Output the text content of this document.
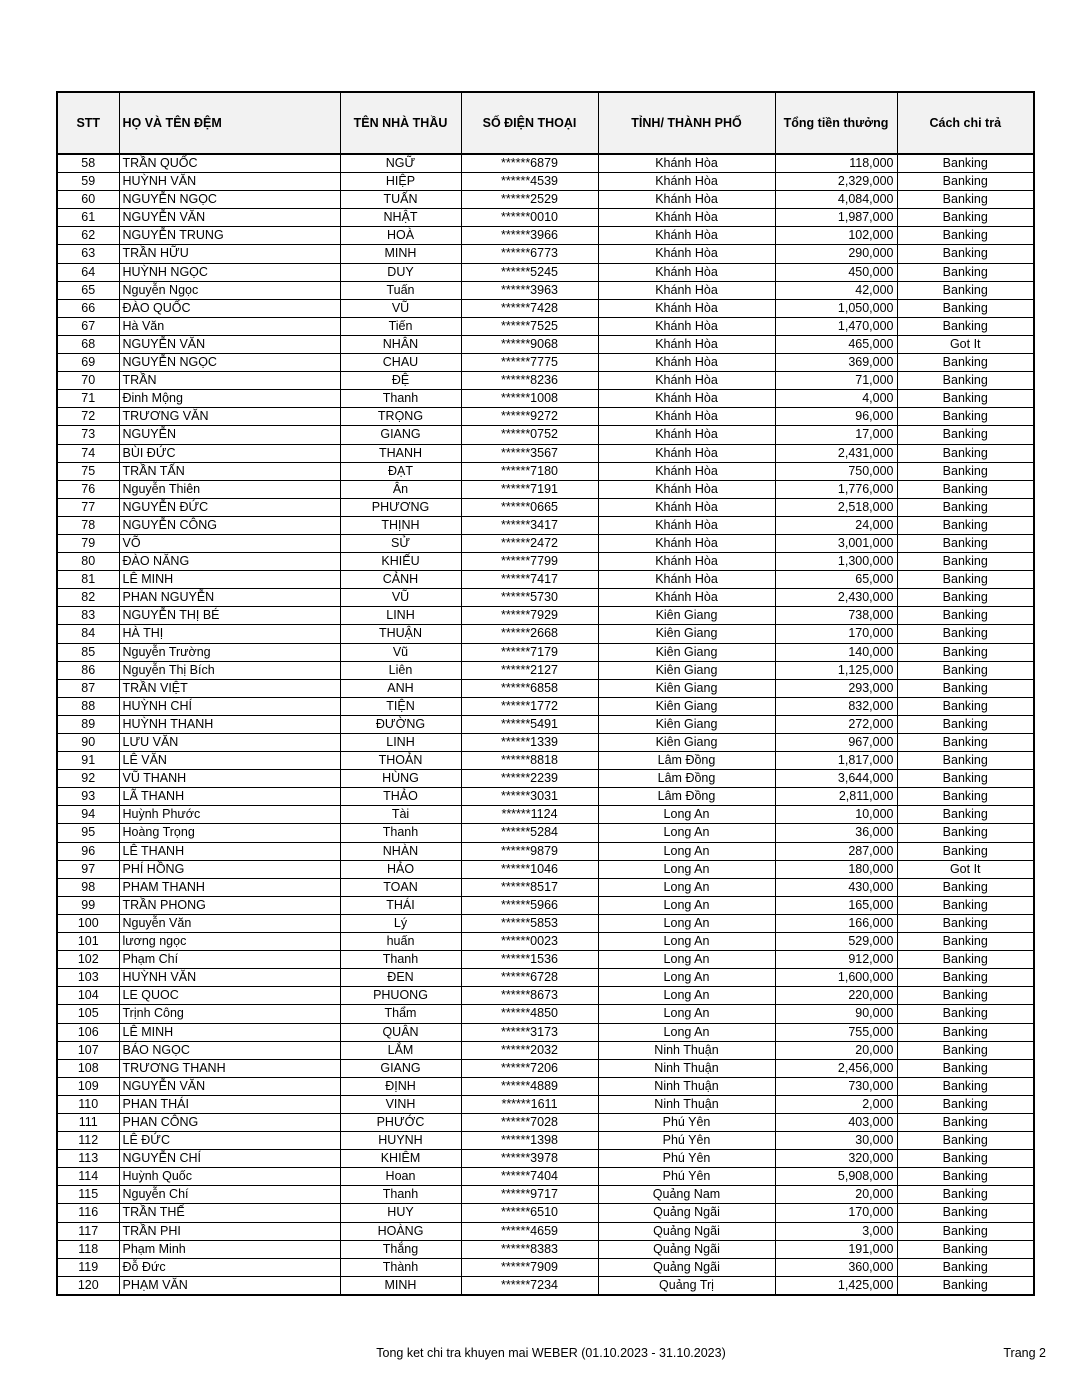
STT	HỌ VÀ TÊN ĐỆM	TÊN NHÀ THẦU	SỐ ĐIỆN THOẠI	TỈNH/ THÀNH PHỐ	Tổng tiền thưởng	Cách chi trả
58	TRẦN QUỐC	NGỮ	******6879	Khánh Hòa	118,000	Banking
59	HUỲNH VĂN	HIỆP	******4539	Khánh Hòa	2,329,000	Banking
60	NGUYỄN NGỌC	TUẤN	******2529	Khánh Hòa	4,084,000	Banking
61	NGUYỄN VĂN	NHẬT	******0010	Khánh Hòa	1,987,000	Banking
62	NGUYỄN TRUNG	HOÀ	******3966	Khánh Hòa	102,000	Banking
63	TRẦN HỮU	MINH	******6773	Khánh Hòa	290,000	Banking
64	HUỲNH NGỌC	DUY	******5245	Khánh Hòa	450,000	Banking
65	Nguyễn Ngọc	Tuấn	******3963	Khánh Hòa	42,000	Banking
66	ĐÀO QUỐC	VŨ	******7428	Khánh Hòa	1,050,000	Banking
67	Hà Văn	Tiến	******7525	Khánh Hòa	1,470,000	Banking
68	NGUYỄN VĂN	NHÂN	******9068	Khánh Hòa	465,000	Got It
69	NGUYỄN NGỌC	CHAU	******7775	Khánh Hòa	369,000	Banking
70	TRẦN	ĐỆ	******8236	Khánh Hòa	71,000	Banking
71	Đinh Mộng	Thanh	******1008	Khánh Hòa	4,000	Banking
72	TRƯƠNG VĂN	TRỌNG	******9272	Khánh Hòa	96,000	Banking
73	NGUYỄN	GIANG	******0752	Khánh Hòa	17,000	Banking
74	BÙI ĐỨC	THANH	******3567	Khánh Hòa	2,431,000	Banking
75	TRẦN TẤN	ĐẠT	******7180	Khánh Hòa	750,000	Banking
76	Nguyễn Thiên	Ân	******7191	Khánh Hòa	1,776,000	Banking
77	NGUYỄN ĐỨC	PHƯƠNG	******0665	Khánh Hòa	2,518,000	Banking
78	NGUYỄN CÔNG	THỊNH	******3417	Khánh Hòa	24,000	Banking
79	VÕ	SỬ	******2472	Khánh Hòa	3,001,000	Banking
80	ĐÀO NĂNG	KHIẾU	******7799	Khánh Hòa	1,300,000	Banking
81	LÊ MINH	CẢNH	******7417	Khánh Hòa	65,000	Banking
82	PHAN NGUYỄN	VŨ	******5730	Khánh Hòa	2,430,000	Banking
83	NGUYỄN THỊ BÉ	LINH	******7929	Kiên Giang	738,000	Banking
84	HÀ THỊ	THUẬN	******2668	Kiên Giang	170,000	Banking
85	Nguyễn Trường	Vũ	******7179	Kiên Giang	140,000	Banking
86	Nguyễn Thị Bích	Liên	******2127	Kiên Giang	1,125,000	Banking
87	TRẦN VIỆT	ANH	******6858	Kiên Giang	293,000	Banking
88	HUỲNH CHÍ	TIỆN	******1772	Kiên Giang	832,000	Banking
89	HUỲNH THANH	ĐƯỜNG	******5491	Kiên Giang	272,000	Banking
90	LƯU VĂN	LINH	******1339	Kiên Giang	967,000	Banking
91	LÊ VĂN	THOẢN	******8818	Lâm Đồng	1,817,000	Banking
92	VŨ THANH	HÙNG	******2239	Lâm Đồng	3,644,000	Banking
93	LÃ THANH	THẢO	******3031	Lâm Đồng	2,811,000	Banking
94	Huỳnh Phước	Tài	******1124	Long An	10,000	Banking
95	Hoàng Trọng	Thanh	******5284	Long An	36,000	Banking
96	LÊ THANH	NHÀN	******9879	Long An	287,000	Banking
97	PHÍ HỒNG	HẢO	******1046	Long An	180,000	Got It
98	PHAM THANH	TOAN	******8517	Long An	430,000	Banking
99	TRẦN PHONG	THÁI	******5966	Long An	165,000	Banking
100	Nguyễn Văn	Lý	******5853	Long An	166,000	Banking
101	lương ngọc	huấn	******0023	Long An	529,000	Banking
102	Phạm Chí	Thanh	******1536	Long An	912,000	Banking
103	HUỲNH VĂN	ĐEN	******6728	Long An	1,600,000	Banking
104	LE QUOC	PHUONG	******8673	Long An	220,000	Banking
105	Trịnh Công	Thẩm	******4850	Long An	90,000	Banking
106	LÊ MINH	QUÂN	******3173	Long An	755,000	Banking
107	BÁO NGỌC	LẮM	******2032	Ninh Thuận	20,000	Banking
108	TRƯƠNG THANH	GIANG	******7206	Ninh Thuận	2,456,000	Banking
109	NGUYỄN VĂN	ĐỊNH	******4889	Ninh Thuận	730,000	Banking
110	PHAN THÁI	VINH	******1611	Ninh Thuận	2,000	Banking
111	PHAN CÔNG	PHƯỚC	******7028	Phú Yên	403,000	Banking
112	LÊ ĐỨC	HUYNH	******1398	Phú Yên	30,000	Banking
113	NGUYỄN CHÍ	KHIÊM	******3978	Phú Yên	320,000	Banking
114	Huỳnh Quốc	Hoan	******7404	Phú Yên	5,908,000	Banking
115	Nguyễn Chí	Thanh	******9717	Quảng Nam	20,000	Banking
116	TRẦN THẾ	HUY	******6510	Quảng Ngãi	170,000	Banking
117	TRẦN PHI	HOÀNG	******4659	Quảng Ngãi	3,000	Banking
118	Phạm Minh	Thắng	******8383	Quảng Ngãi	191,000	Banking
119	Đỗ Đức	Thành	******7909	Quảng Ngãi	360,000	Banking
120	PHẠM VĂN	MINH	******7234	Quảng Trị	1,425,000	Banking
Tong ket chi tra khuyen mai WEBER (01.10.2023 - 31.10.2023)	Trang 2
